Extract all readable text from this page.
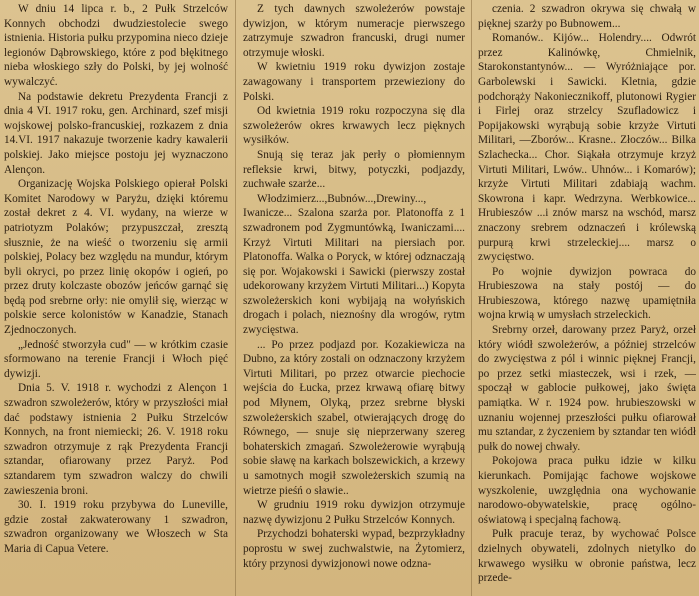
W dniu 14 lipca r. b., 2 Pułk Strzelców Konnych obchodzi dwudziestolecie swego istnienia. Historia pułku przypomina nieco dzieje legionów Dąbrowskiego, które z pod błękitnego nieba włoskiego szły do Polski, by jej wolność wywalczyć.

Na podstawie dekretu Prezydenta Francji z dnia 4 VI. 1917 roku, gen. Archinard, szef misji wojskowej polsko-francuskiej, rozkazem z dnia 14.VI. 1917 nakazuje tworzenie kadry kawalerii polskiej. Jako miejsce postoju jej wyznaczono Alençon.

Organizację Wojska Polskiego opierał Polski Komitet Narodowy w Paryżu, dzięki któremu został dekret z 4. VI. wydany, na wierze w patriotyzm Polaków; przypuszczał, zresztą słusznie, że na wieść o tworzeniu się armii polskiej, Polacy bez względu na mundur, którym byli okryci, po przez linię okopów i ogień, po przez druty kolczaste obozów jeńców garnąć się będą pod srebrne orły: nie omylił się, wierząc w polskie serce kolonistów w Kanadzie, Stanach Zjednoczonych.

„Jedność stworzyła cud" — w krótkim czasie sformowano na terenie Francji i Włoch pięć dywizji.

Dnia 5. V. 1918 r. wychodzi z Alençon 1 szwadron szwoleżerów, który w przyszłości miał dać podstawy istnienia 2 Pułku Strzelców Konnych, na front niemiecki; 26. V. 1918 roku szwadron otrzymuje z rąk Prezydenta Francji sztandar, ofiarowany przez Paryż. Pod sztandarem tym szwadron walczy do chwili zawieszenia broni.

30. I. 1919 roku przybywa do Luneville, gdzie został zakwaterowany 1 szwadron, szwadron organizowany we Włoszech w Sta Maria di Capua Vetere.

Z tych dawnych szwoleżerów powstaje dywizjon, w którym numeracje pierwszego zatrzymuje szwadron francuski, drugi numer otrzymuje włoski.

W kwietniu 1919 roku dywizjon zostaje zawagowany i transportem przewieziony do Polski.

Od kwietnia 1919 roku rozpoczyna się dla szwoleżerów okres krwawych lecz pięknych wysiłków.

Snują się teraz jak perły o płomiennym refleksie krwi, bitwy, potyczki, podjazdy, zuchwałe szarże...

Włodzimierz...,Bubnów...,Drewiny..., Iwanicze... Szalona szarża por. Platonoffa z 1 szwadronem pod Zygmuntówką, Iwaniczami.... Krzyż Virtuti Militari na piersiach por. Platonoffa. Walka o Poryck, w której odznaczają się por. Wojakowski i Sawicki (pierwszy został udekorowany krzyżem Virtuti Militari...) Kopyta szwoleżerskich koni wybijają na wołyńskich drogach i polach, nieznośny dla wrogów, rytm zwycięstwa.

... Po przez podjazd por. Kozakiewicza na Dubno, za który zostali on odznaczony krzyżem Virtuti Militari, po przez otwarcie piechocie wejścia do Łucka, przez krwawą ofiarę bitwy pod Młynem, Olyką, przez srebrne błyski szwoleżerskich szabel, otwierających drogę do Równego, — snuje się nieprzerwany szereg bohaterskich zmagań. Szwoleżerowie wyrąbują sobie sławę na karkach bolszewickich, a krzewy u samotnych mogił szwoleżerskich szumią na wietrze pieśń o sławie..

W grudniu 1919 roku dywizjon otrzymuje nazwę dywizjonu 2 Pułku Strzelców Konnych.

Przychodzi bohaterski wypad, bezprzykładny poprostu w swej zuchwalstwie, na Żytomierz, który przynosi dywizjonowi nowe odzna-

czenia. 2 szwadron okrywa się chwałą w pięknej szarży po Bubnowem...

Romanów.. Kijów... Holendry.... Odwrót przez Kalinówkę, Chmielnik, Starokonstantynów... — Wyróżniające por. Garbolewski i Sawicki. Kletnia, gdzie podchorąży Nakoniecznikoff, plutonowi Rygier i Firlej oraz strzelcy Szufladowicz i Popijakowski wyrąbują sobie krzyże Virtuti Militari, —Zborów... Krasne.. Złoczów... Bilka Szlachecka... Chor. Siąkała otrzymuje krzyż Virtuti Militari, Lwów.. Uhnów... i Komarów); krzyże Virtuti Militari zdabiają wachm. Skowrona i kapr. Wedrzyna. Werbkowice... Hrubieszów ...i znów marsz na wschód, marsz znaczony srebrem odznaczeń i królewską purpurą krwi strzeleckiej.... marsz o zwycięstwo.

Po wojnie dywizjon powraca do Hrubieszowa na stały postój — do Hrubieszowa, którego nazwę upamiętniła wojna krwią w umysłach strzeleckich.

Srebrny orzeł, darowany przez Paryż, orzeł który wiódł szwoleżerów, a później strzelców do zwycięstwa z pól i winnic pięknej Francji, po przez setki miasteczek, wsi i rzek, — spoczął w gablocie pułkowej, jako święta pamiątka. W r. 1924 pow. hrubieszowski w uznaniu wojennej przeszłości pułku ofiarował mu sztandar, z życzeniem by sztandar ten wiódł pułk do nowej chwały.

Pokojowa praca pułku idzie w kilku kierunkach. Pomijając fachowe wojskowe wyszkolenie, uwzględnia ona wychowanie narodowo-obywatelskie, pracę ogólno-oświatową i specjalną fachową.

Pułk pracuje teraz, by wychować Polsce dzielnych obywateli, zdolnych nietylko do krwawego wysiłku w obronie państwa, lecz przede-
